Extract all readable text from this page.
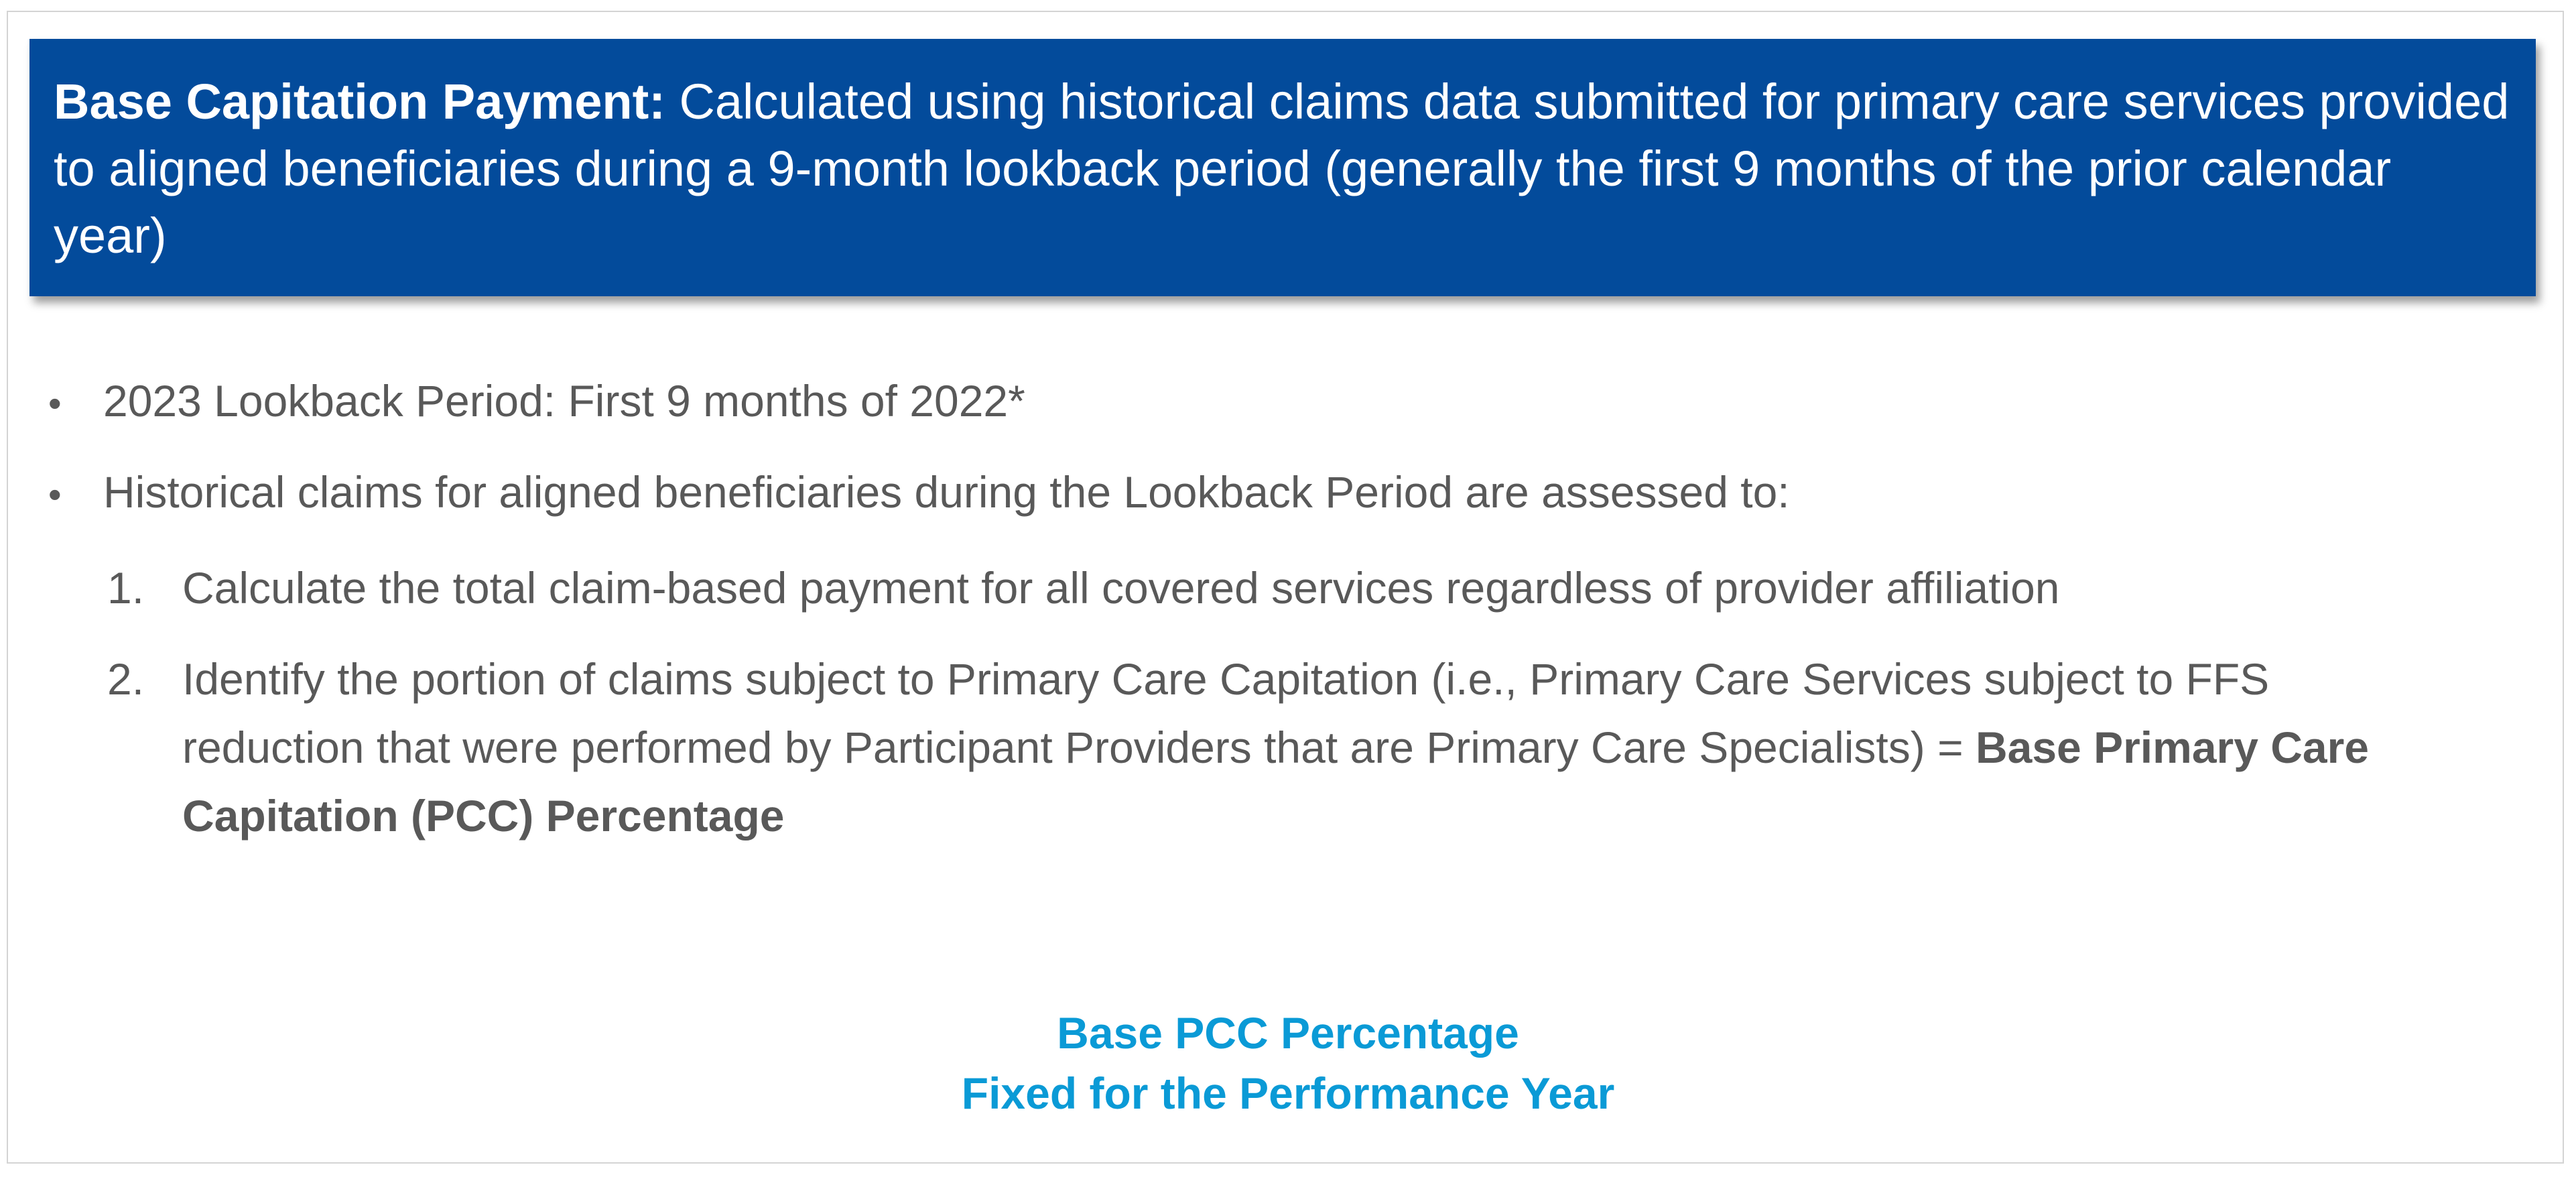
Base Capitation Payment: Calculated using historical claims data submitted for primary care services provided to aligned beneficiaries during a 9-month lookback period (generally the first 9 months of the prior calendar year)
• 2023 Lookback Period: First 9 months of 2022*
• Historical claims for aligned beneficiaries during the Lookback Period are assessed to:
1. Calculate the total claim-based payment for all covered services regardless of provider affiliation
2. Identify the portion of claims subject to Primary Care Capitation (i.e., Primary Care Services subject to FFS reduction that were performed by Participant Providers that are Primary Care Specialists) = Base Primary Care Capitation (PCC) Percentage
Base PCC Percentage
Fixed for the Performance Year
